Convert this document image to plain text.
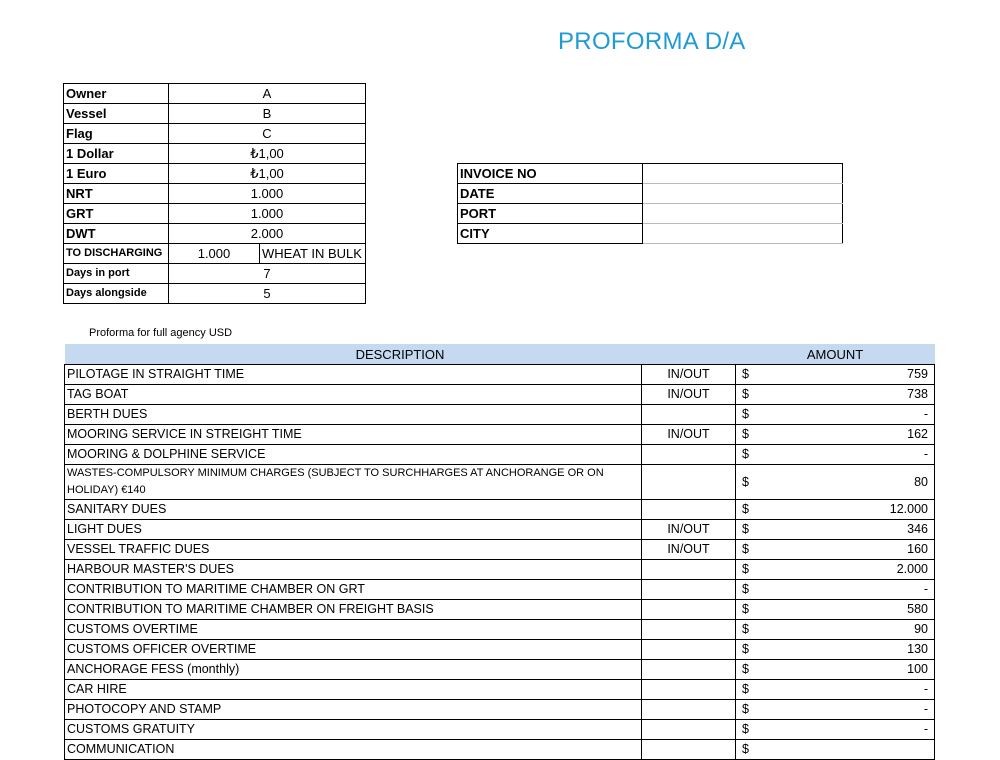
PROFORMA D/A
Owner	A	
Vessel	B	
Flag	C	
1 Dollar	₺1,00	
1 Euro	₺1,00	
NRT	1.000	
GRT	1.000	
DWT	2.000	
TO DISCHARGING	1.000	WHEAT IN BULK
Days in port	7	
Days alongside	5	
INVOICE NO	
DATE	
PORT	
CITY	
Proforma for full agency USD
DESCRIPTION		AMOUNT	
PILOTAGE IN STRAIGHT TIME	IN/OUT	$	759
TAG BOAT	IN/OUT	$	738
BERTH DUES		$	-
MOORING SERVICE IN STREIGHT TIME	IN/OUT	$	162
MOORING & DOLPHINE SERVICE		$	-
WASTES-COMPULSORY MINIMUM CHARGES (SUBJECT TO SURCHHARGES AT ANCHORANGE OR ON HOLIDAY) €140		$	80
SANITARY DUES		$	12.000
LIGHT DUES	IN/OUT	$	346
VESSEL TRAFFIC DUES	IN/OUT	$	160
HARBOUR MASTER'S DUES		$	2.000
CONTRIBUTION TO MARITIME CHAMBER ON GRT		$	-
CONTRIBUTION TO MARITIME CHAMBER ON FREIGHT BASIS		$	580
CUSTOMS OVERTIME		$	90
CUSTOMS OFFICER OVERTIME		$	130
ANCHORAGE FESS (monthly)		$	100
CAR HIRE		$	-
PHOTOCOPY AND STAMP		$	-
CUSTOMS GRATUITY		$	-
COMMUNICATION		$	
